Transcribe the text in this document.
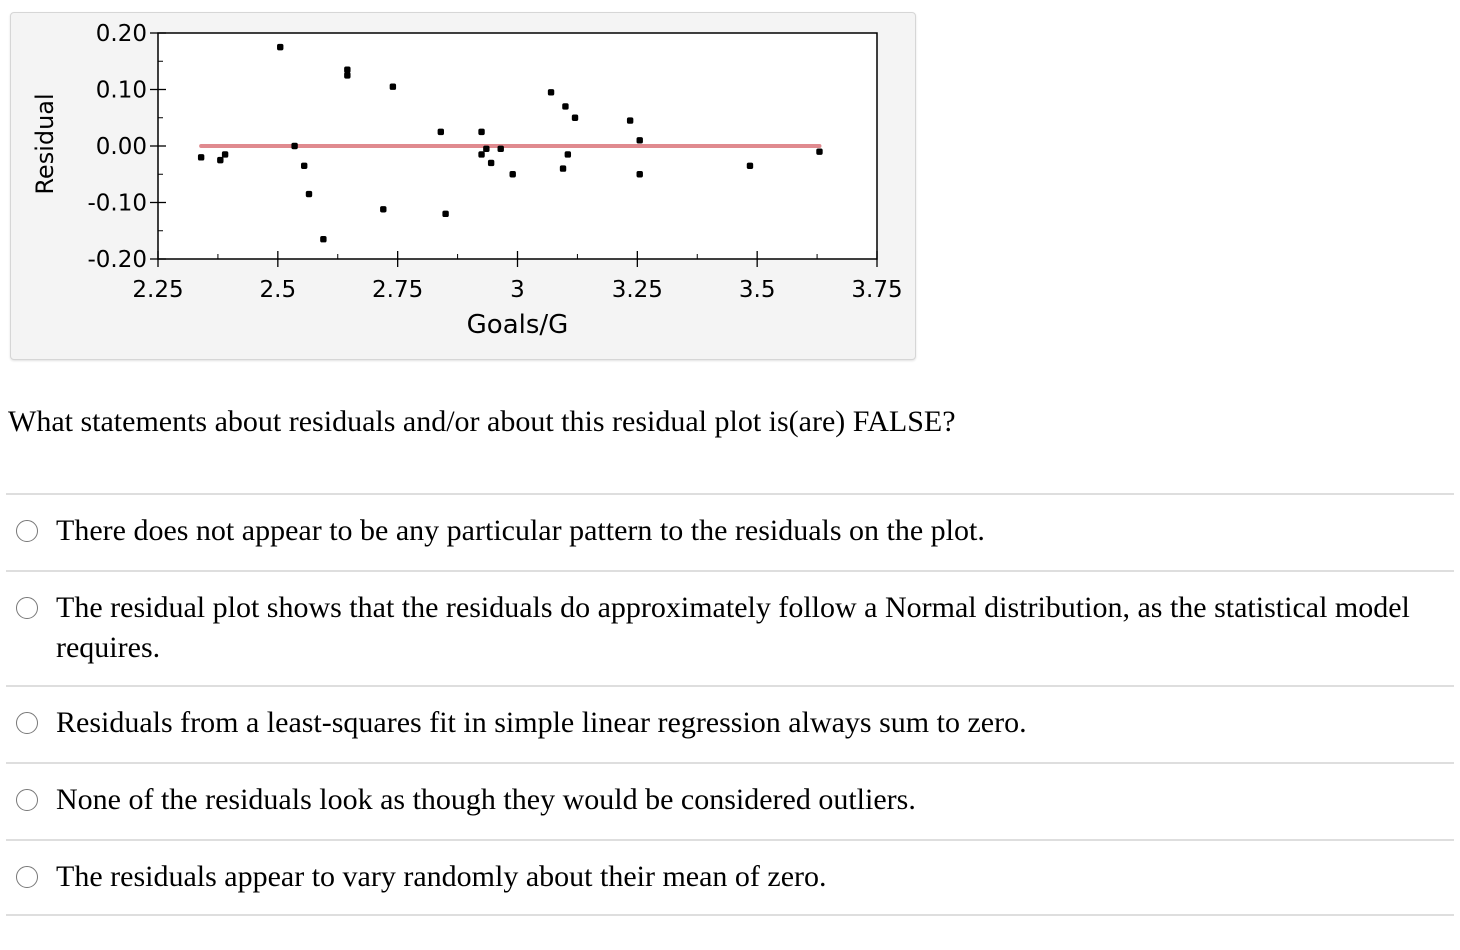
0.20
0.10
0.00
-0.10
-0.20
2.25	2.5	2.75	3	3.25	3.5	3.75
Goals/G
Residual
What statements about residuals and/or about this residual plot is(are) FALSE?
There does not appear to be any particular pattern to the residuals on the plot.
The residual plot shows that the residuals do approximately follow a Normal distribution, as the statistical model requires.
Residuals from a least-squares fit in simple linear regression always sum to zero.
None of the residuals look as though they would be considered outliers.
The residuals appear to vary randomly about their mean of zero.
